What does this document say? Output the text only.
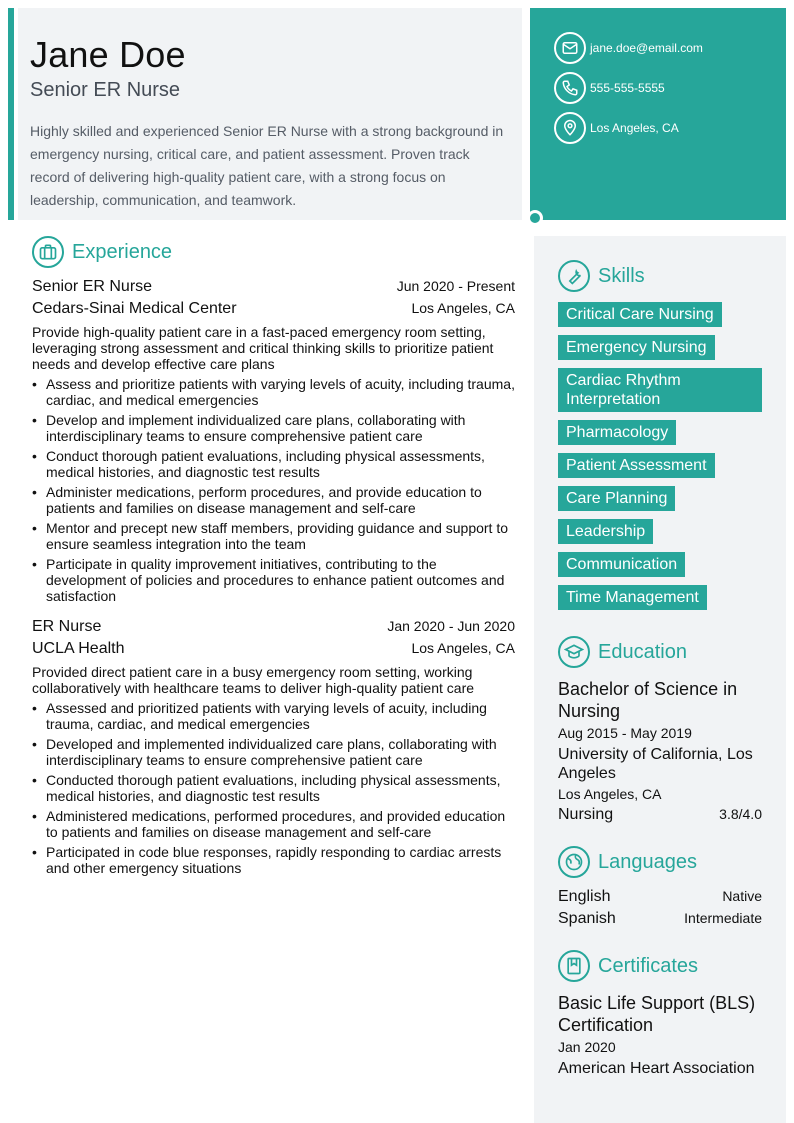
Jane Doe
Senior ER Nurse
Highly skilled and experienced Senior ER Nurse with a strong background in emergency nursing, critical care, and patient assessment. Proven track record of delivering high-quality patient care, with a strong focus on leadership, communication, and teamwork.
jane.doe@email.com
555-555-5555
Los Angeles, CA
Experience
Senior ER Nurse	Jun 2020 - Present
Cedars-Sinai Medical Center	Los Angeles, CA
Provide high-quality patient care in a fast-paced emergency room setting, leveraging strong assessment and critical thinking skills to prioritize patient needs and develop effective care plans
• Assess and prioritize patients with varying levels of acuity, including trauma, cardiac, and medical emergencies
• Develop and implement individualized care plans, collaborating with interdisciplinary teams to ensure comprehensive patient care
• Conduct thorough patient evaluations, including physical assessments, medical histories, and diagnostic test results
• Administer medications, perform procedures, and provide education to patients and families on disease management and self-care
• Mentor and precept new staff members, providing guidance and support to ensure seamless integration into the team
• Participate in quality improvement initiatives, contributing to the development of policies and procedures to enhance patient outcomes and satisfaction
ER Nurse	Jan 2020 - Jun 2020
UCLA Health	Los Angeles, CA
Provided direct patient care in a busy emergency room setting, working collaboratively with healthcare teams to deliver high-quality patient care
• Assessed and prioritized patients with varying levels of acuity, including trauma, cardiac, and medical emergencies
• Developed and implemented individualized care plans, collaborating with interdisciplinary teams to ensure comprehensive patient care
• Conducted thorough patient evaluations, including physical assessments, medical histories, and diagnostic test results
• Administered medications, performed procedures, and provided education to patients and families on disease management and self-care
• Participated in code blue responses, rapidly responding to cardiac arrests and other emergency situations
Skills
Critical Care Nursing
Emergency Nursing
Cardiac Rhythm Interpretation
Pharmacology
Patient Assessment
Care Planning
Leadership
Communication
Time Management
Education
Bachelor of Science in Nursing
Aug 2015 - May 2019
University of California, Los Angeles
Los Angeles, CA
Nursing	3.8/4.0
Languages
English	Native
Spanish	Intermediate
Certificates
Basic Life Support (BLS) Certification
Jan 2020
American Heart Association
